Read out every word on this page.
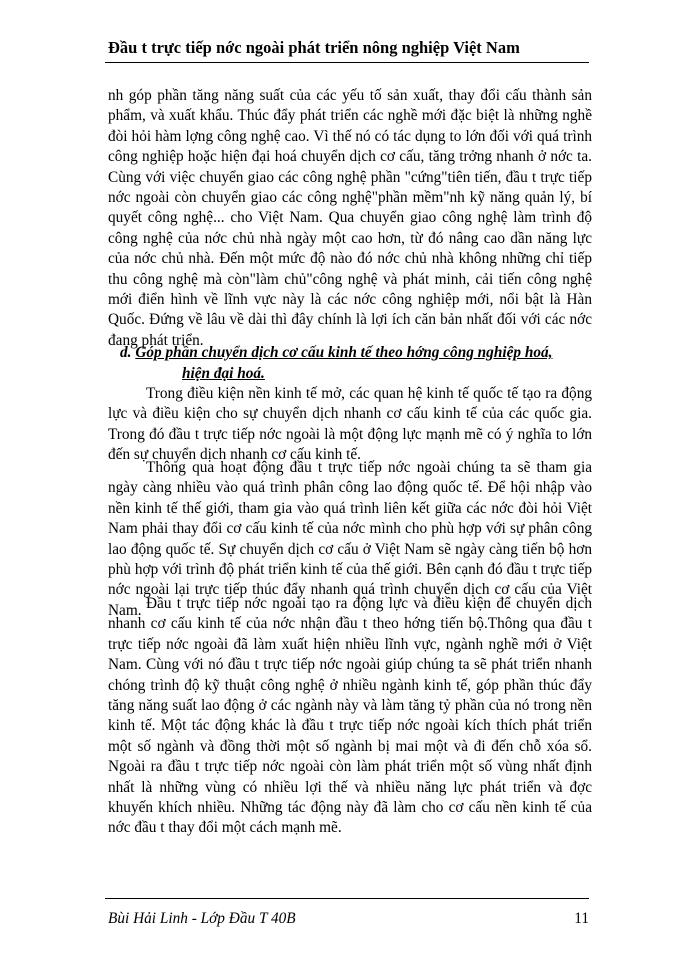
Đầu t trực tiếp nớc ngoài phát triển nông nghiệp Việt Nam

nh góp phần tăng năng suất của các yếu tố sản xuất, thay đổi cấu thành sản phẩm, và xuất khẩu. Thúc đẩy phát triển các nghề mới đặc biệt là những nghề đòi hỏi hàm lợng công nghệ cao. Vì thế nó có tác dụng to lớn đối với quá trình công nghiệp hoặc hiện đại hoá chuyển dịch cơ cấu, tăng trởng nhanh ở nớc ta. Cùng với việc chuyển giao các công nghệ phần "cứng"tiên tiến, đầu t trực tiếp nớc ngoài còn chuyển giao các công nghệ"phần mềm"nh kỹ năng quản lý, bí quyết công nghệ... cho Việt Nam. Qua chuyển giao công nghệ làm trình độ công nghệ của nớc chủ nhà ngày một cao hơn, từ đó nâng cao dần năng lực của nớc chủ nhà. Đến một mức độ nào đó nớc chủ nhà không những chỉ tiếp thu công nghệ mà còn"làm chủ"công nghệ và phát minh, cải tiến công nghệ mới điển hình về lĩnh vực này là các nớc công nghiệp mới, nổi bật là Hàn Quốc. Đứng về lâu về dài thì đây chính là lợi ích căn bản nhất đối với các nớc đang phát triển.

d. Góp phần chuyển dịch cơ cấu kinh tế theo hớng công nghiệp hoá,
hiện đại hoá.

Trong điều kiện nền kinh tế mở, các quan hệ kinh tế quốc tế tạo ra động lực và điều kiện cho sự chuyển dịch nhanh cơ cấu kinh tế của các quốc gia. Trong đó đầu t trực tiếp nớc ngoài là một động lực mạnh mẽ có ý nghĩa to lớn đến sự chuyển dịch nhanh cơ cấu kinh tế.

Thông qua hoạt động đầu t trực tiếp nớc ngoài chúng ta sẽ tham gia ngày càng nhiều vào quá trình phân công lao động quốc tế. Để hội nhập vào nền kinh tế thế giới, tham gia vào quá trình liên kết giữa các nớc đòi hỏi Việt Nam phải thay đổi cơ cấu kinh tế của nớc mình cho phù hợp với sự phân công lao động quốc tế. Sự chuyển dịch cơ cấu ở Việt Nam sẽ ngày càng tiến bộ hơn phù hợp với trình độ phát triển kinh tế của thế giới. Bên cạnh đó đầu t trực tiếp nớc ngoài lại trực tiếp thúc đẩy nhanh quá trình chuyển dịch cơ cấu của Việt Nam. Đầu t trực tiếp nớc ngoài tạo ra động lực và điều kiện để chuyển dịch nhanh cơ cấu kinh tế của nớc nhận đầu t theo hớng tiến bộ.Thông qua đầu t trực tiếp nớc ngoài đã làm xuất hiện nhiều lĩnh vực, ngành nghề mới ở Việt Nam. Cùng với nó đầu t trực tiếp nớc ngoài giúp chúng ta sẽ phát triển nhanh chóng trình độ kỹ thuật công nghệ ở nhiều ngành kinh tế, góp phần thúc đẩy tăng năng suất lao động ở các ngành này và làm tăng tỷ phần của nó trong nền kinh tế. Một tác động khác là đầu t trực tiếp nớc ngoài kích thích phát triển một số ngành và đồng thời một số ngành bị mai một và đi đến chỗ xóa sổ. Ngoài ra đầu t trực tiếp nớc ngoài còn làm phát triển một số vùng nhất định nhất là những vùng có nhiều lợi thế và nhiều năng lực phát triển và đợc khuyến khích nhiều. Những tác động này đã làm cho cơ cấu nền kinh tế của nớc đầu t thay đổi một cách mạnh mẽ.

Bùi Hải Linh - Lớp Đầu T 40B	11
